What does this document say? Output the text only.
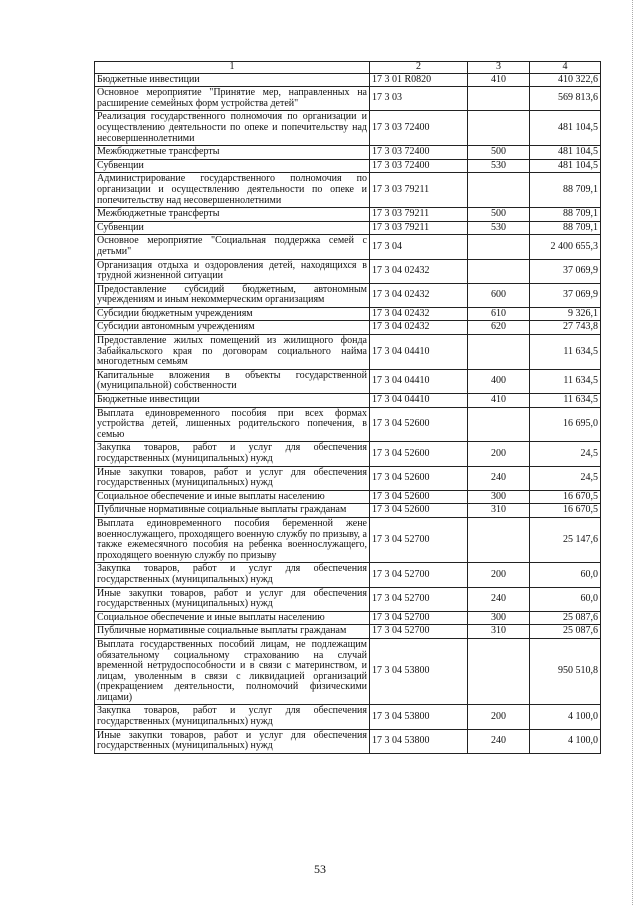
1	2	3	4
Бюджетные инвестиции	17 3 01 R0820	410	410 322,6
Основное мероприятие "Принятие мер, направленных на расширение семейных форм устройства детей"	17 3 03		569 813,6
Реализация государственного полномочия по организации и осуществлению деятельности по опеке и попечительству над несовершеннолетними	17 3 03 72400		481 104,5
Межбюджетные трансферты	17 3 03 72400	500	481 104,5
Субвенции	17 3 03 72400	530	481 104,5
Администрирование государственного полномочия по организации и осуществлению деятельности по опеке и попечительству над несовершеннолетними	17 3 03 79211		88 709,1
Межбюджетные трансферты	17 3 03 79211	500	88 709,1
Субвенции	17 3 03 79211	530	88 709,1
Основное мероприятие "Социальная поддержка семей с детьми"	17 3 04		2 400 655,3
Организация отдыха и оздоровления детей, находящихся в трудной жизненной ситуации	17 3 04 02432		37 069,9
Предоставление субсидий бюджетным, автономным учреждениям и иным некоммерческим организациям	17 3 04 02432	600	37 069,9
Субсидии бюджетным учреждениям	17 3 04 02432	610	9 326,1
Субсидии автономным учреждениям	17 3 04 02432	620	27 743,8
Предоставление жилых помещений из жилищного фонда Забайкальского края по договорам социального найма многодетным семьям	17 3 04 04410		11 634,5
Капитальные вложения в объекты государственной (муниципальной) собственности	17 3 04 04410	400	11 634,5
Бюджетные инвестиции	17 3 04 04410	410	11 634,5
Выплата единовременного пособия при всех формах устройства детей, лишенных родительского попечения, в семью	17 3 04 52600		16 695,0
Закупка товаров, работ и услуг для обеспечения государственных (муниципальных) нужд	17 3 04 52600	200	24,5
Иные закупки товаров, работ и услуг для обеспечения государственных (муниципальных) нужд	17 3 04 52600	240	24,5
Социальное обеспечение и иные выплаты населению	17 3 04 52600	300	16 670,5
Публичные нормативные социальные выплаты гражданам	17 3 04 52600	310	16 670,5
Выплата единовременного пособия беременной жене военнослужащего, проходящего военную службу по призыву, а также ежемесячного пособия на ребенка военнослужащего, проходящего военную службу по призыву	17 3 04 52700		25 147,6
Закупка товаров, работ и услуг для обеспечения государственных (муниципальных) нужд	17 3 04 52700	200	60,0
Иные закупки товаров, работ и услуг для обеспечения государственных (муниципальных) нужд	17 3 04 52700	240	60,0
Социальное обеспечение и иные выплаты населению	17 3 04 52700	300	25 087,6
Публичные нормативные социальные выплаты гражданам	17 3 04 52700	310	25 087,6
Выплата государственных пособий лицам, не подлежащим обязательному социальному страхованию на случай временной нетрудоспособности и в связи с материнством, и лицам, уволенным в связи с ликвидацией организаций (прекращением деятельности, полномочий физическими лицами)	17 3 04 53800		950 510,8
Закупка товаров, работ и услуг для обеспечения государственных (муниципальных) нужд	17 3 04 53800	200	4 100,0
Иные закупки товаров, работ и услуг для обеспечения государственных (муниципальных) нужд	17 3 04 53800	240	4 100,0
53
